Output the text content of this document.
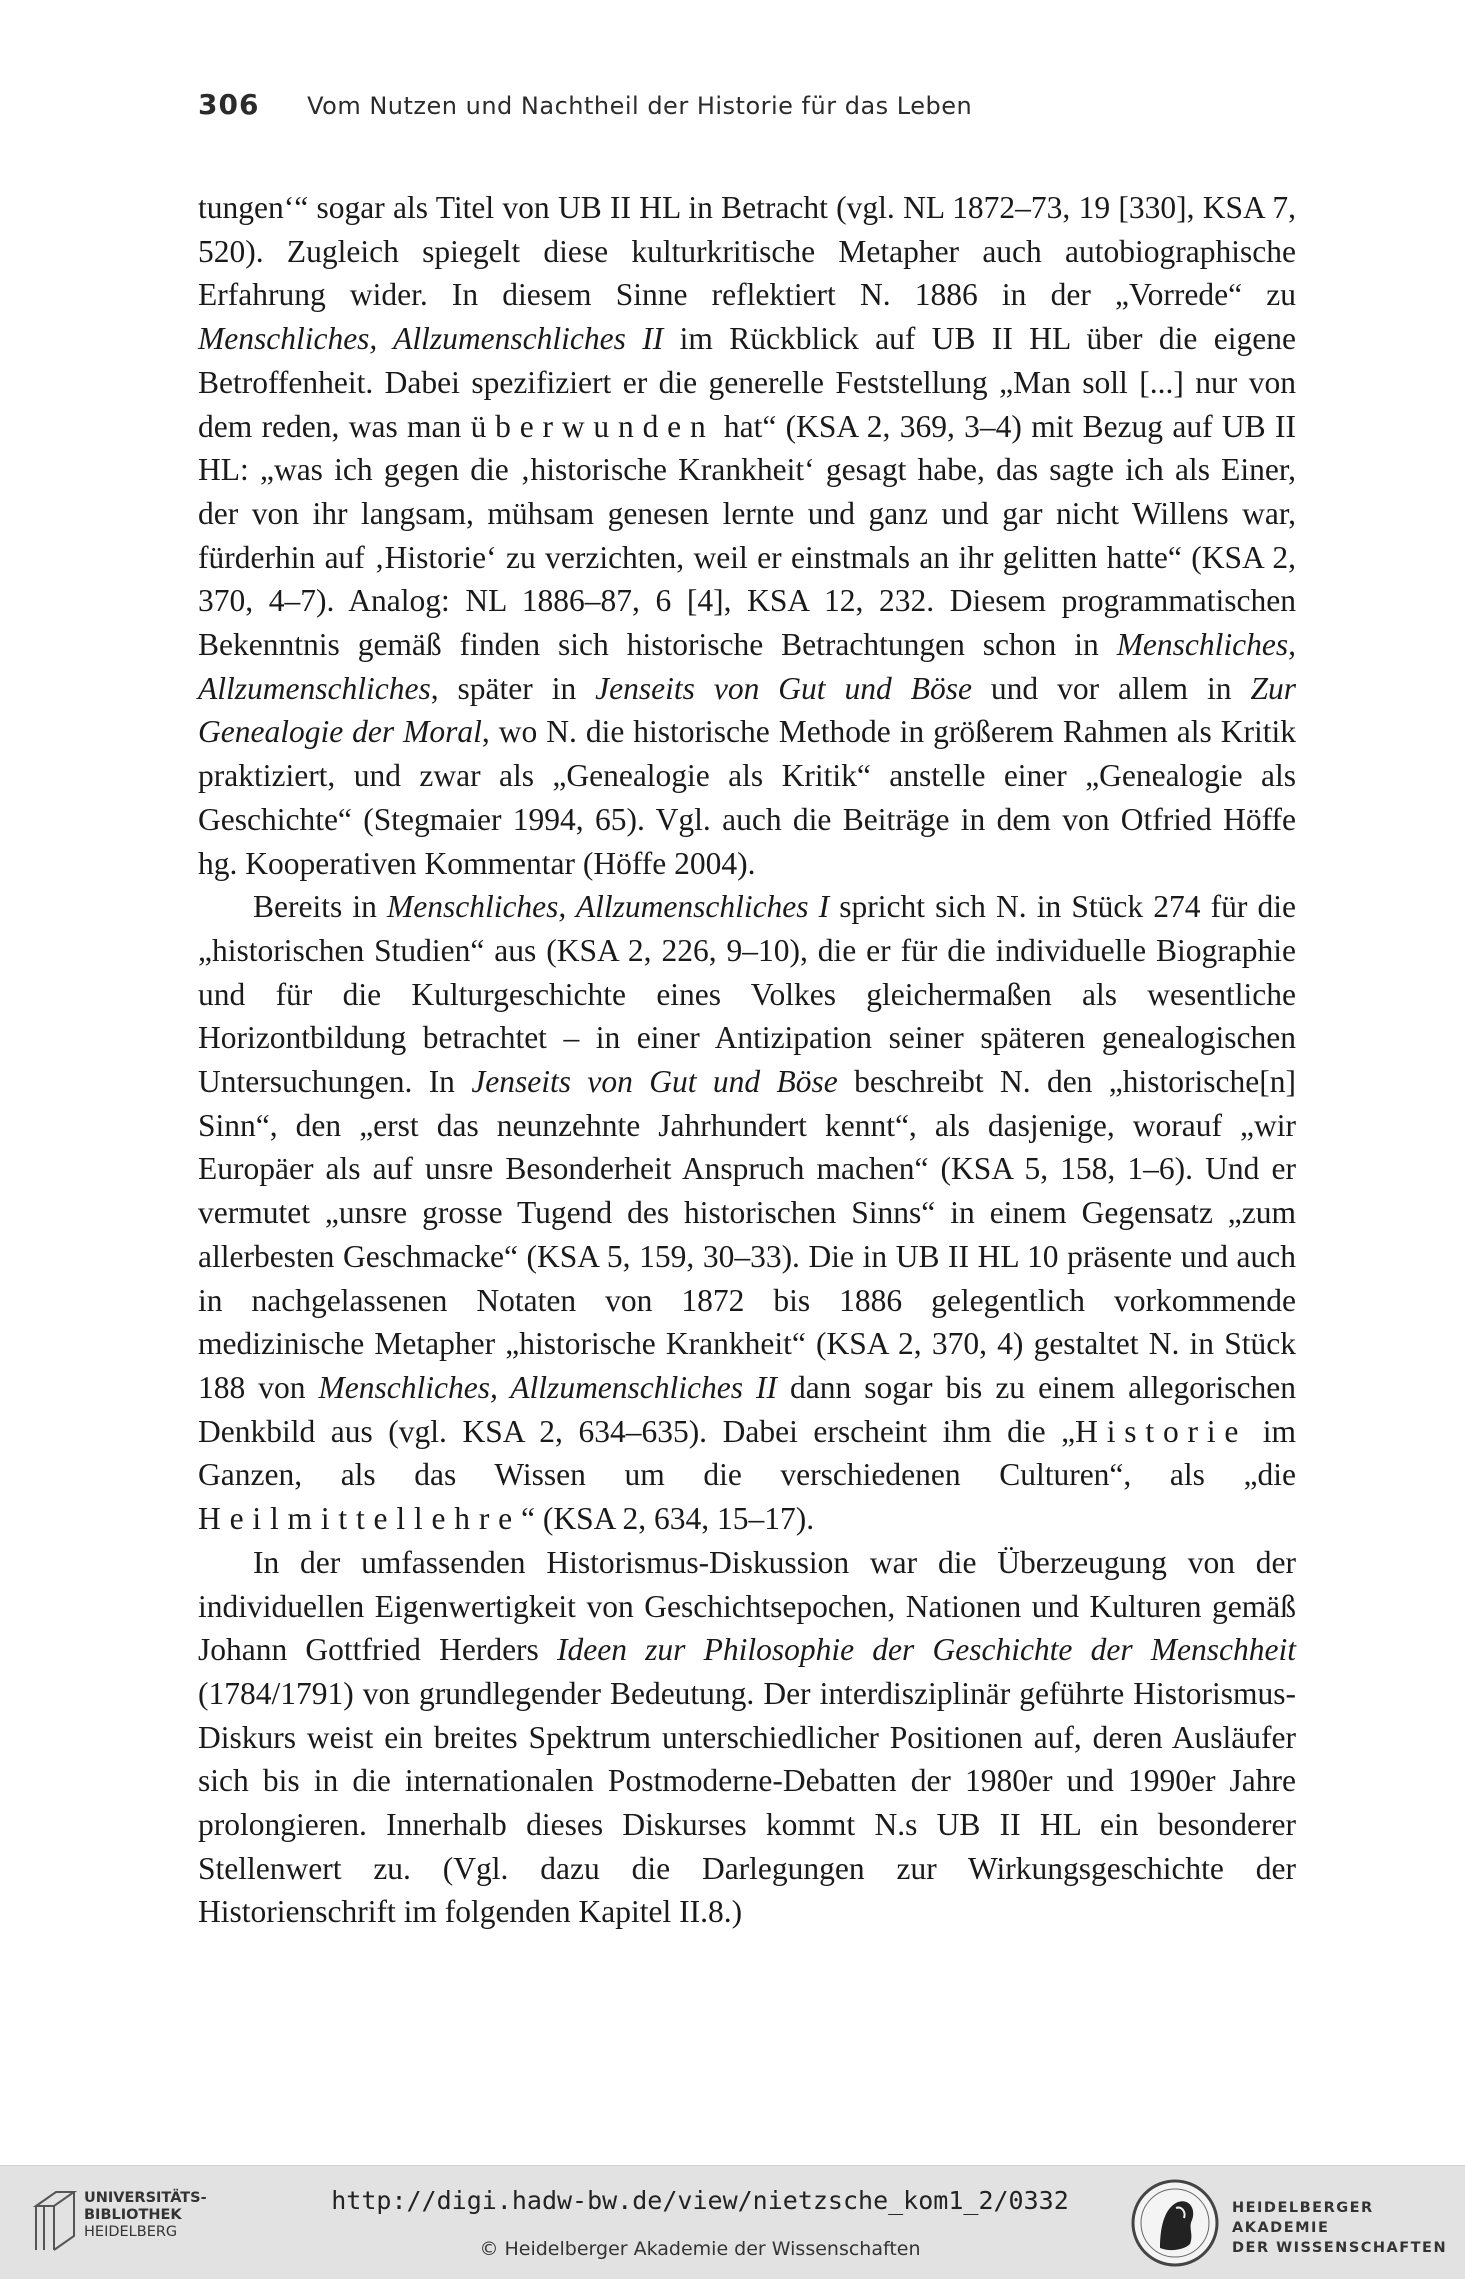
306 Vom Nutzen und Nachtheil der Historie für das Leben

tungen‘“ sogar als Titel von UB II HL in Betracht (vgl. NL 1872–73, 19 [330], KSA 7, 520). Zugleich spiegelt diese kulturkritische Metapher auch autobiographische Erfahrung wider. In diesem Sinne reflektiert N. 1886 in der „Vorrede“ zu Menschliches, Allzumenschliches II im Rückblick auf UB II HL über die eigene Betroffenheit. Dabei spezifiziert er die generelle Feststellung „Man soll [...] nur von dem reden, was man überwunden hat“ (KSA 2, 369, 3–4) mit Bezug auf UB II HL: „was ich gegen die ‚historische Krankheit‘ gesagt habe, das sagte ich als Einer, der von ihr langsam, mühsam genesen lernte und ganz und gar nicht Willens war, fürderhin auf ‚Historie‘ zu verzichten, weil er einstmals an ihr gelitten hatte“ (KSA 2, 370, 4–7). Analog: NL 1886–87, 6 [4], KSA 12, 232. Diesem programmatischen Bekenntnis gemäß finden sich historische Betrachtungen schon in Menschliches, Allzumenschliches, später in Jenseits von Gut und Böse und vor allem in Zur Genealogie der Moral, wo N. die historische Methode in größerem Rahmen als Kritik praktiziert, und zwar als „Genealogie als Kritik“ anstelle einer „Genealogie als Geschichte“ (Stegmaier 1994, 65). Vgl. auch die Beiträge in dem von Otfried Höffe hg. Kooperativen Kommentar (Höffe 2004).

Bereits in Menschliches, Allzumenschliches I spricht sich N. in Stück 274 für die „historischen Studien“ aus (KSA 2, 226, 9–10), die er für die individuelle Biographie und für die Kulturgeschichte eines Volkes gleichermaßen als wesentliche Horizontbildung betrachtet – in einer Antizipation seiner späteren genealogischen Untersuchungen. In Jenseits von Gut und Böse beschreibt N. den „historische[n] Sinn“, den „erst das neunzehnte Jahrhundert kennt“, als dasjenige, worauf „wir Europäer als auf unsre Besonderheit Anspruch machen“ (KSA 5, 158, 1–6). Und er vermutet „unsre grosse Tugend des historischen Sinns“ in einem Gegensatz „zum allerbesten Geschmacke“ (KSA 5, 159, 30–33). Die in UB II HL 10 präsente und auch in nachgelassenen Notaten von 1872 bis 1886 gelegentlich vorkommende medizinische Metapher „historische Krankheit“ (KSA 2, 370, 4) gestaltet N. in Stück 188 von Menschliches, Allzumenschliches II dann sogar bis zu einem allegorischen Denkbild aus (vgl. KSA 2, 634–635). Dabei erscheint ihm die „Historie im Ganzen, als das Wissen um die verschiedenen Culturen“, als „die Heilmittellehre“ (KSA 2, 634, 15–17).

In der umfassenden Historismus-Diskussion war die Überzeugung von der individuellen Eigenwertigkeit von Geschichtsepochen, Nationen und Kulturen gemäß Johann Gottfried Herders Ideen zur Philosophie der Geschichte der Menschheit (1784/1791) von grundlegender Bedeutung. Der interdisziplinär geführte Historismus-Diskurs weist ein breites Spektrum unterschiedlicher Positionen auf, deren Ausläufer sich bis in die internationalen Postmoderne-Debatten der 1980er und 1990er Jahre prolongieren. Innerhalb dieses Diskurses kommt N.s UB II HL ein besonderer Stellenwert zu. (Vgl. dazu die Darlegungen zur Wirkungsgeschichte der Historienschrift im folgenden Kapitel II.8.)

UNIVERSITÄTS-
BIBLIOTHEK
HEIDELBERG
http://digi.hadw-bw.de/view/nietzsche_kom1_2/0332
© Heidelberger Akademie der Wissenschaften
HEIDELBERGER AKADEMIE
DER WISSENSCHAFTEN
